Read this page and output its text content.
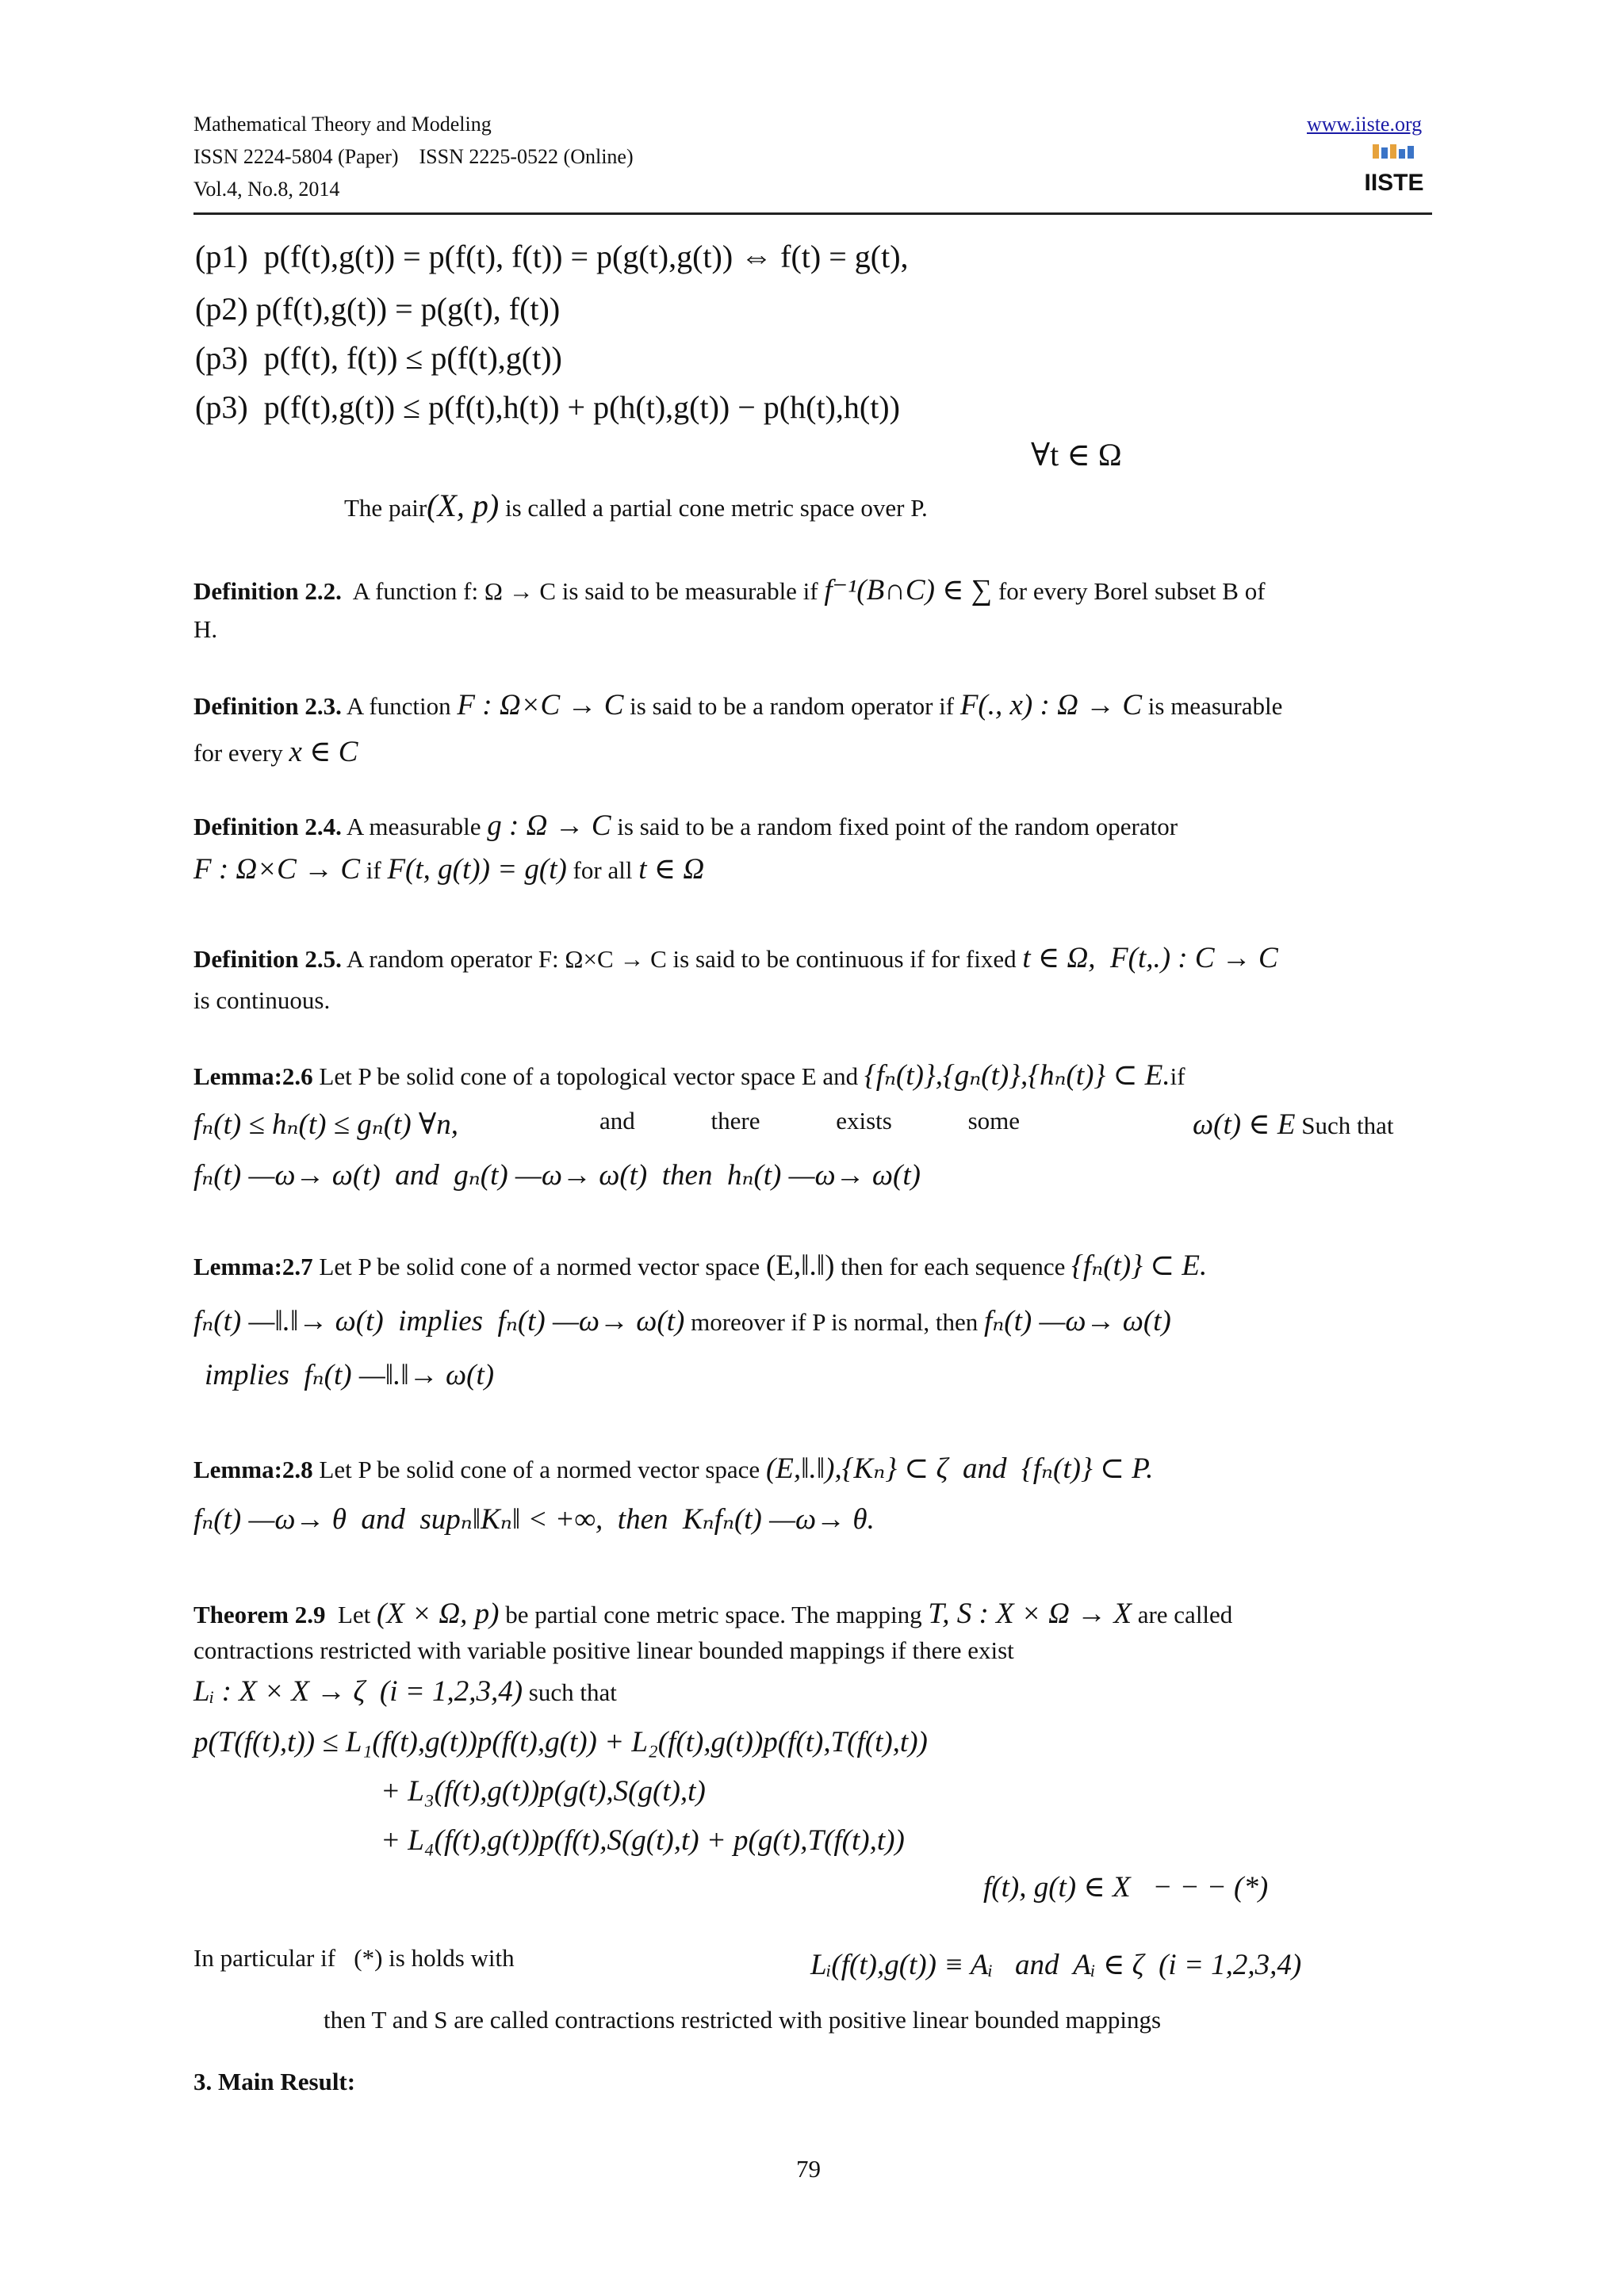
Mathematical Theory and Modeling
ISSN 2224-5804 (Paper)    ISSN 2225-0522 (Online)
Vol.4, No.8, 2014
www.iiste.org
IISTE
(p1)  p(f(t),g(t)) = p(f(t), f(t)) = p(g(t),g(t)) ⇔ f(t) = g(t),
(p2) p(f(t),g(t)) = p(g(t), f(t))
(p3)  p(f(t), f(t)) ≤ p(f(t),g(t))
(p3)  p(f(t),g(t)) ≤ p(f(t),h(t)) + p(h(t),g(t)) − p(h(t),h(t))
∀t ∈ Ω
The pair(X, p) is called a partial cone metric space over P.
Definition 2.2.  A function f: Ω → C is said to be measurable if f⁻¹(B∩C) ∈ ∑ for every Borel subset B of
H.
Definition 2.3. A function F : Ω×C → C is said to be a random operator if F(., x) : Ω → C is measurable
for every x ∈ C
Definition 2.4. A measurable g : Ω → C is said to be a random fixed point of the random operator
F : Ω×C → C if F(t, g(t)) = g(t) for all t ∈ Ω
Definition 2.5. A random operator F: Ω×C → C is said to be continuous if for fixed t ∈ Ω,  F(t,.) : C → C
is continuous.
Lemma:2.6 Let P be solid cone of a topological vector space E and {fₙ(t)},{gₙ(t)},{hₙ(t)} ⊂ E.if
fₙ(t) ≤ hₙ(t) ≤ gₙ(t) ∀n,	and there exists some	ω(t) ∈ E Such that
fₙ(t) —ω→ ω(t)  and  gₙ(t) —ω→ ω(t)  then  hₙ(t) —ω→ ω(t)
Lemma:2.7 Let P be solid cone of a normed vector space (E,‖.‖) then for each sequence {fₙ(t)} ⊂ E.
fₙ(t) —‖.‖→ ω(t)  implies  fₙ(t) —ω→ ω(t) moreover if P is normal, then fₙ(t) —ω→ ω(t)
implies  fₙ(t) —‖.‖→ ω(t)
Lemma:2.8 Let P be solid cone of a normed vector space (E,‖.‖),{Kₙ} ⊂ ζ  and  {fₙ(t)} ⊂ P.
fₙ(t) —ω→ θ  and  supₙ‖Kₙ‖ < +∞,  then  Kₙfₙ(t) —ω→ θ.
Theorem 2.9  Let (X × Ω, p) be partial cone metric space. The mapping T, S : X × Ω → X are called
contractions restricted with variable positive linear bounded mappings if there exist
Lᵢ : X × X → ζ  (i = 1,2,3,4) such that
p(T(f(t),t)) ≤ L₁(f(t),g(t))p(f(t),g(t)) + L₂(f(t),g(t))p(f(t),T(f(t),t))
+ L₃(f(t),g(t))p(g(t),S(g(t),t)
+ L₄(f(t),g(t))p(f(t),S(g(t),t) + p(g(t),T(f(t),t))
f(t), g(t) ∈ X   − − − (*)
In particular if   (*) is holds with	Lᵢ(f(t),g(t)) ≡ Aᵢ   and  Aᵢ ∈ ζ  (i = 1,2,3,4)
then T and S are called contractions restricted with positive linear bounded mappings
3. Main Result:
79
